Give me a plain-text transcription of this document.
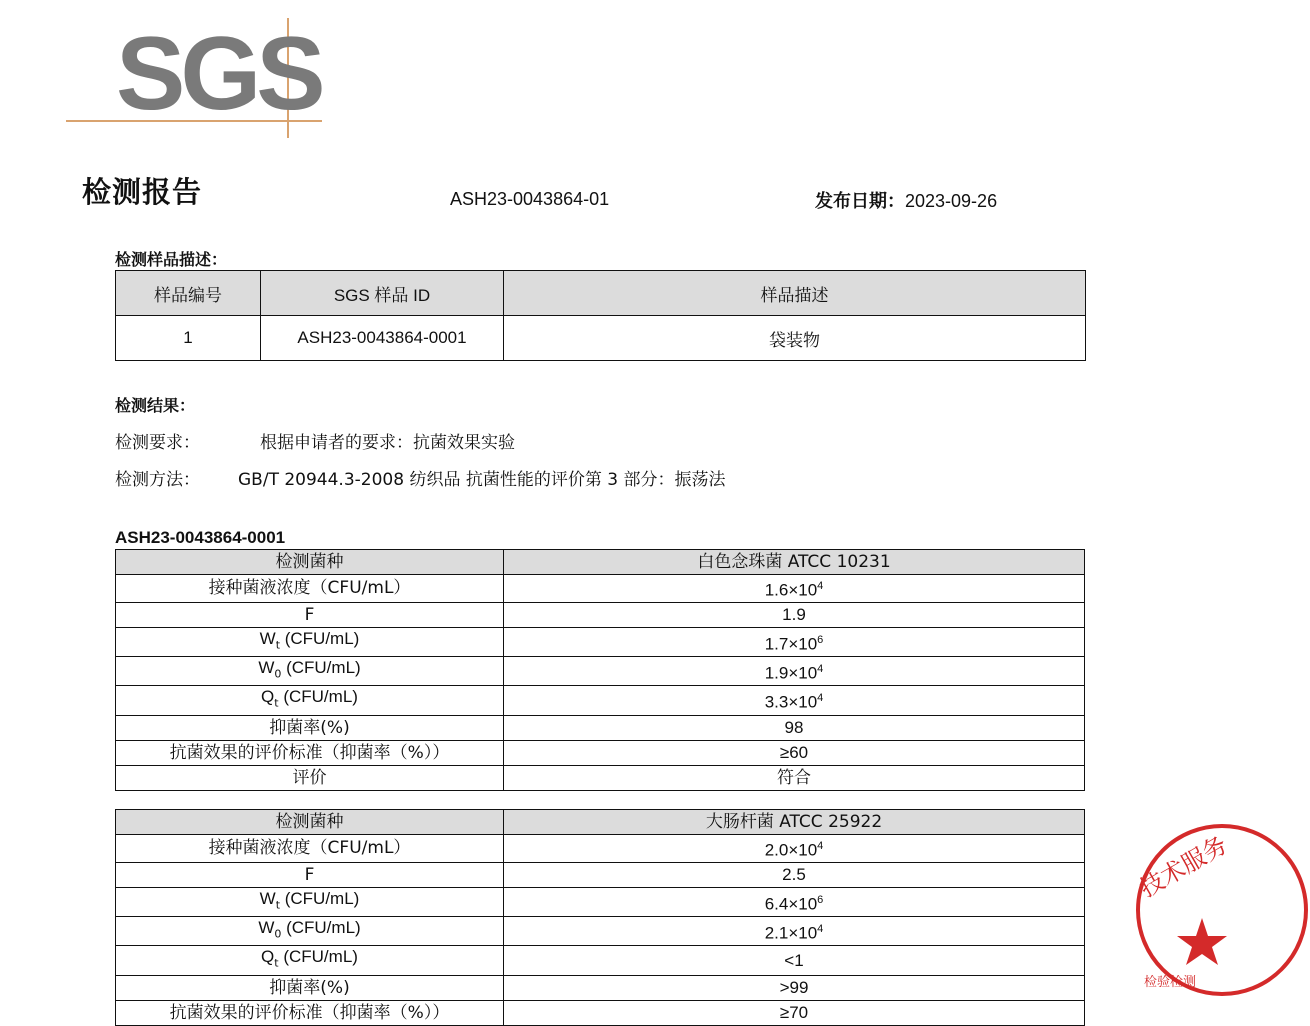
SGS
检测报告	ASH23-0043864-01	发布日期：2023-09-26
检测样品描述：
样品编号	SGS 样品 ID	样品描述
1	ASH23-0043864-0001	袋装物
检测结果：
检测要求：	根据申请者的要求：抗菌效果实验
检测方法： GB/T 20944.3-2008 纺织品 抗菌性能的评价第 3 部分：振荡法
ASH23-0043864-0001
检测菌种	白色念珠菌 ATCC 10231
接种菌液浓度（CFU/mL）	$1.6\times 10^4$
F	1.9
$W_t$ (CFU/mL)	$1.7\times 10^6$
$W_0$ (CFU/mL)	$1.9\times 10^4$
$Q_t$ (CFU/mL)	$3.3\times 10^4$
抑菌率(%)	98
抗菌效果的评价标准（抑菌率（%））	≥60
评价	符合
检测菌种	大肠杆菌 ATCC 25922
接种菌液浓度（CFU/mL）	$2.0\times 10^4$
F	2.5
$W_t$ (CFU/mL)	$6.4\times 10^6$
$W_0$ (CFU/mL)	$2.1\times 10^4$
$Q_t$ (CFU/mL)	<1
抑菌率(%)	>99
抗菌效果的评价标准（抑菌率（%））	≥70
技术服务
检验检测
